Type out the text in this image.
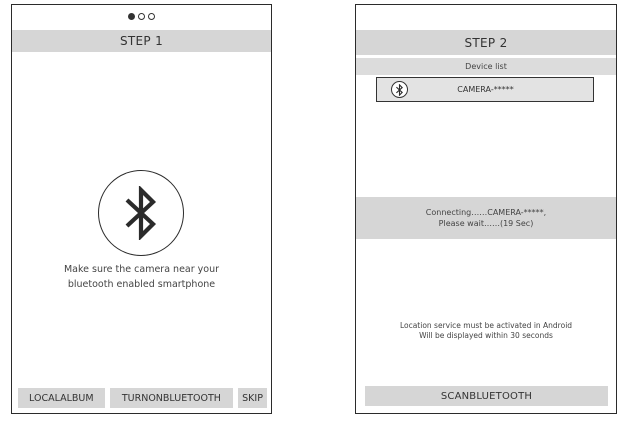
STEP 1
Make sure the camera near your
bluetooth enabled smartphone
LOCALALBUM	TURNONBLUETOOTH	SKIP
STEP 2
Device list
CAMERA-*****
Connecting……CAMERA-*****,
Please wait……(19 Sec)
Location service must be activated in Android
Will be displayed within 30 seconds
SCANBLUETOOTH
